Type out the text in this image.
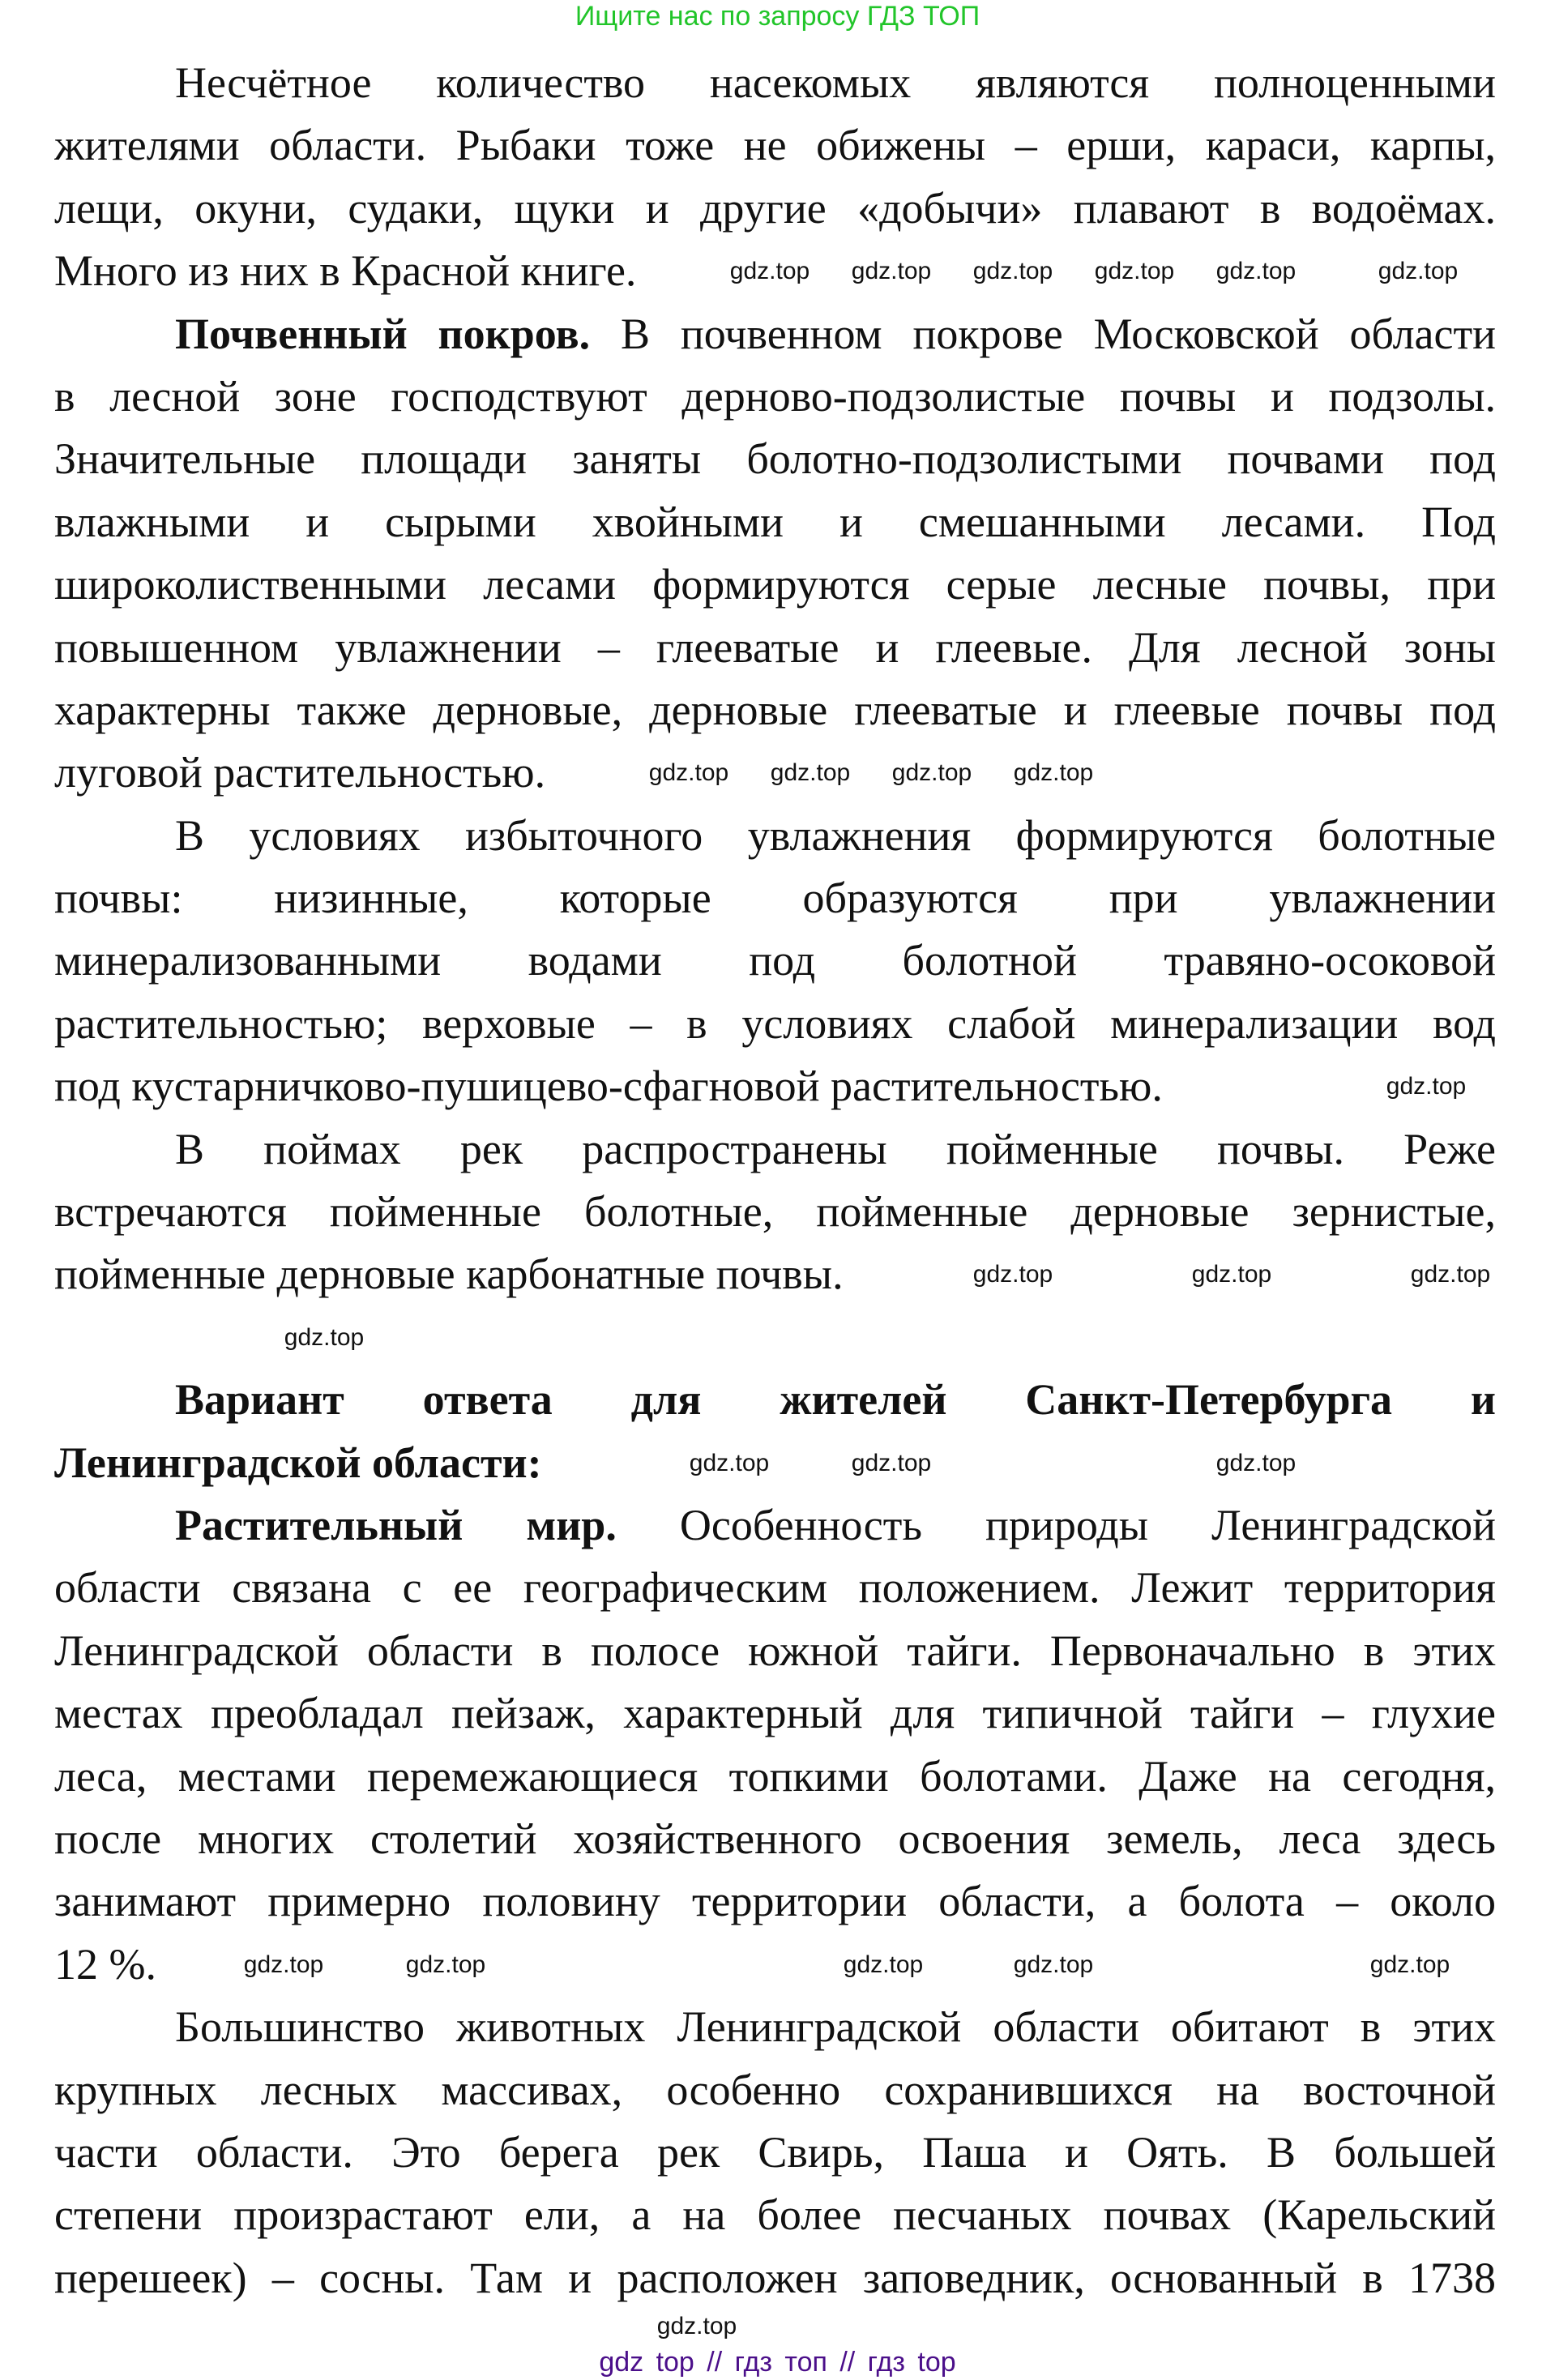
Ищите нас по запросу ГДЗ ТОП
Несчётное количество насекомых являются полноценными
жителями области. Рыбаки тоже не обижены – ерши, караси, карпы,
лещи, окуни, судаки, щуки и другие «добычи» плавают в водоёмах.
Много из них в Красной книге.
Почвенный покров. В почвенном покрове Московской области
в лесной зоне господствуют дерново-подзолистые почвы и подзолы.
Значительные площади заняты болотно-подзолистыми почвами под
влажными и сырыми хвойными и смешанными лесами. Под
широколиственными лесами формируются серые лесные почвы, при
повышенном увлажнении – глееватые и глеевые. Для лесной зоны
характерны также дерновые, дерновые глееватые и глеевые почвы под
луговой растительностью.
В условиях избыточного увлажнения формируются болотные
почвы: низинные, которые образуются при увлажнении
минерализованными водами под болотной травяно-осоковой
растительностью; верховые – в условиях слабой минерализации вод
под кустарничково-пушицево-сфагновой растительностью.
В поймах рек распространены пойменные почвы. Реже
встречаются пойменные болотные, пойменные дерновые зернистые,
пойменные дерновые карбонатные почвы.
Вариант ответа для жителей Санкт-Петербурга и
Ленинградской области:
Растительный мир. Особенность природы Ленинградской
области связана с ее географическим положением. Лежит территория
Ленинградской области в полосе южной тайги. Первоначально в этих
местах преобладал пейзаж, характерный для типичной тайги – глухие
леса, местами перемежающиеся топкими болотами. Даже на сегодня,
после многих столетий хозяйственного освоения земель, леса здесь
занимают примерно половину территории области, а болота – около
12 %.
Большинство животных Ленинградской области обитают в этих
крупных лесных массивах, особенно сохранившихся на восточной
части области. Это берега рек Свирь, Паша и Оять. В большей
степени произрастают ели, а на более песчаных почвах (Карельский
перешеек) – сосны. Там и расположен заповедник, основанный в 1738
gdz.top gdz.top gdz.top gdz.top gdz.top	gdz.top
gdz.top gdz.top gdz.top gdz.top
gdz.top
gdz.top	gdz.top
gdz.top
gdz.top
gdz.top	gdz.top	gdz.top
gdz.top	gdz.top	gdz.top
gdz.top	gdz.top
gdz.top
gdz top // гдз топ // гдз top
